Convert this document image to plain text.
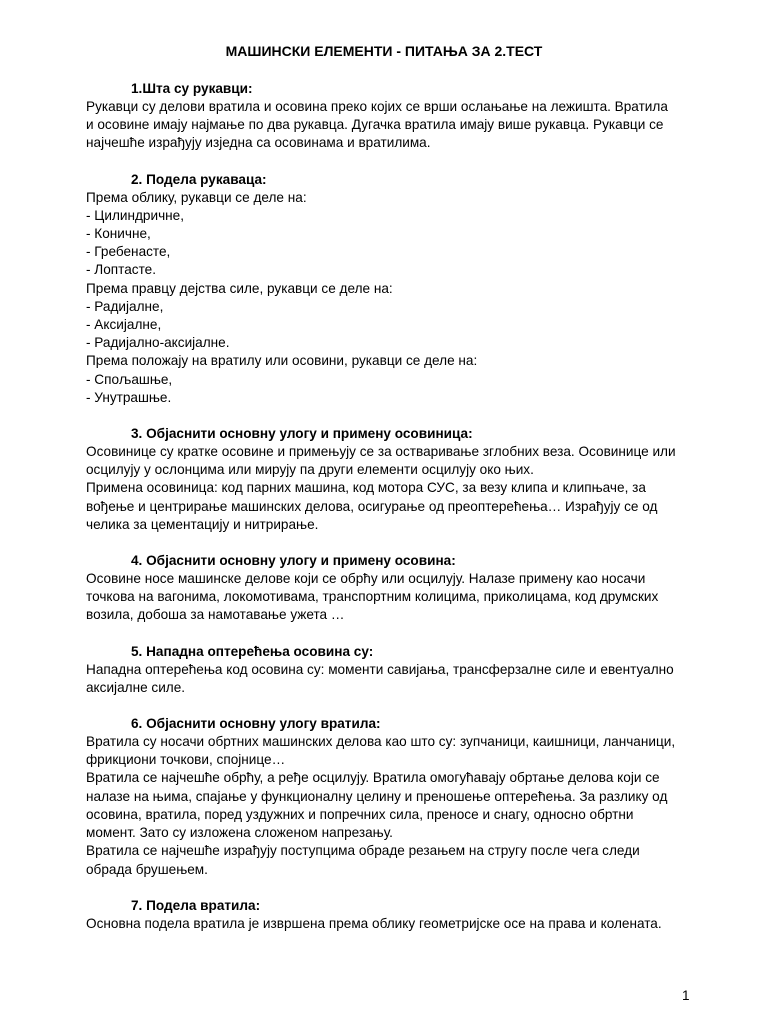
МАШИНСКИ ЕЛЕМЕНТИ - ПИТАЊА ЗА 2.ТЕСТ

1.Шта су рукавци:

Рукавци су делови вратила и осовина преко којих се врши ослањање на лежишта. Вратила

и осовине имају најмање по два рукавца. Дугачка вратила имају више рукавца. Рукавци се

најчешће израђују изједна са осовинама и вратилима.

2. Подела рукаваца:

Према облику, рукавци се деле на:

- Цилиндричне,

- Коничне,

- Гребенасте,

- Лоптасте.

Према правцу дејства силе, рукавци се деле на:

- Радијалне,

- Аксијалне,

- Радијално-аксијалне.

Према положају на вратилу или осовини, рукавци се деле на:

- Спољашње,

- Унутрашње.

3. Објаснити основну улогу и примену осовиница:

Осовинице су кратке осовине и примењују се за остваривање зглобних веза. Осовинице или

осцилују у ослонцима или мирују па други елементи осцилују око њих.

Примена осовиница: код парних машина, код мотора СУС, за везу клипа и клипњаче, за

вођење и центрирање машинских делова, осигурање од преоптерећења… Израђују се од

челика за цементацију и нитрирање.

4. Објаснити основну улогу и примену осовина:

Осовине носе машинске делове који се обрћу или осцилују. Налазе примену као носачи

точкова на вагонима, локомотивама, транспортним колицима, приколицама, код друмских

возила, добоша за намотавање ужета …

5. Нападна оптерећења осовина су:

Нападна оптерећења код осовина су: моменти савијања, трансферзалне силе и евентуално

аксијалне силе.

6. Објаснити основну улогу вратила:

Вратила су носачи обртних машинских делова као што су: зупчаници, каишници, ланчаници,

фрикциони точкови, спојнице…

Вратила се најчешће обрћу, а ређе осцилују. Вратила омогућавају обртање делова који се

налазе на њима, спајање у функционалну целину и преношење оптерећења. За разлику од

осовина, вратила, поред уздужних и попречних сила, преносе и снагу, односно обртни

момент. Зато су изложена сложеном напрезању.

Вратила се најчешће израђују поступцима обраде резањем на стругу после чега следи

обрада брушењем.

7. Подела вратила:

Основна подела вратила је извршена према облику геометријске осе на права и колената.

1
